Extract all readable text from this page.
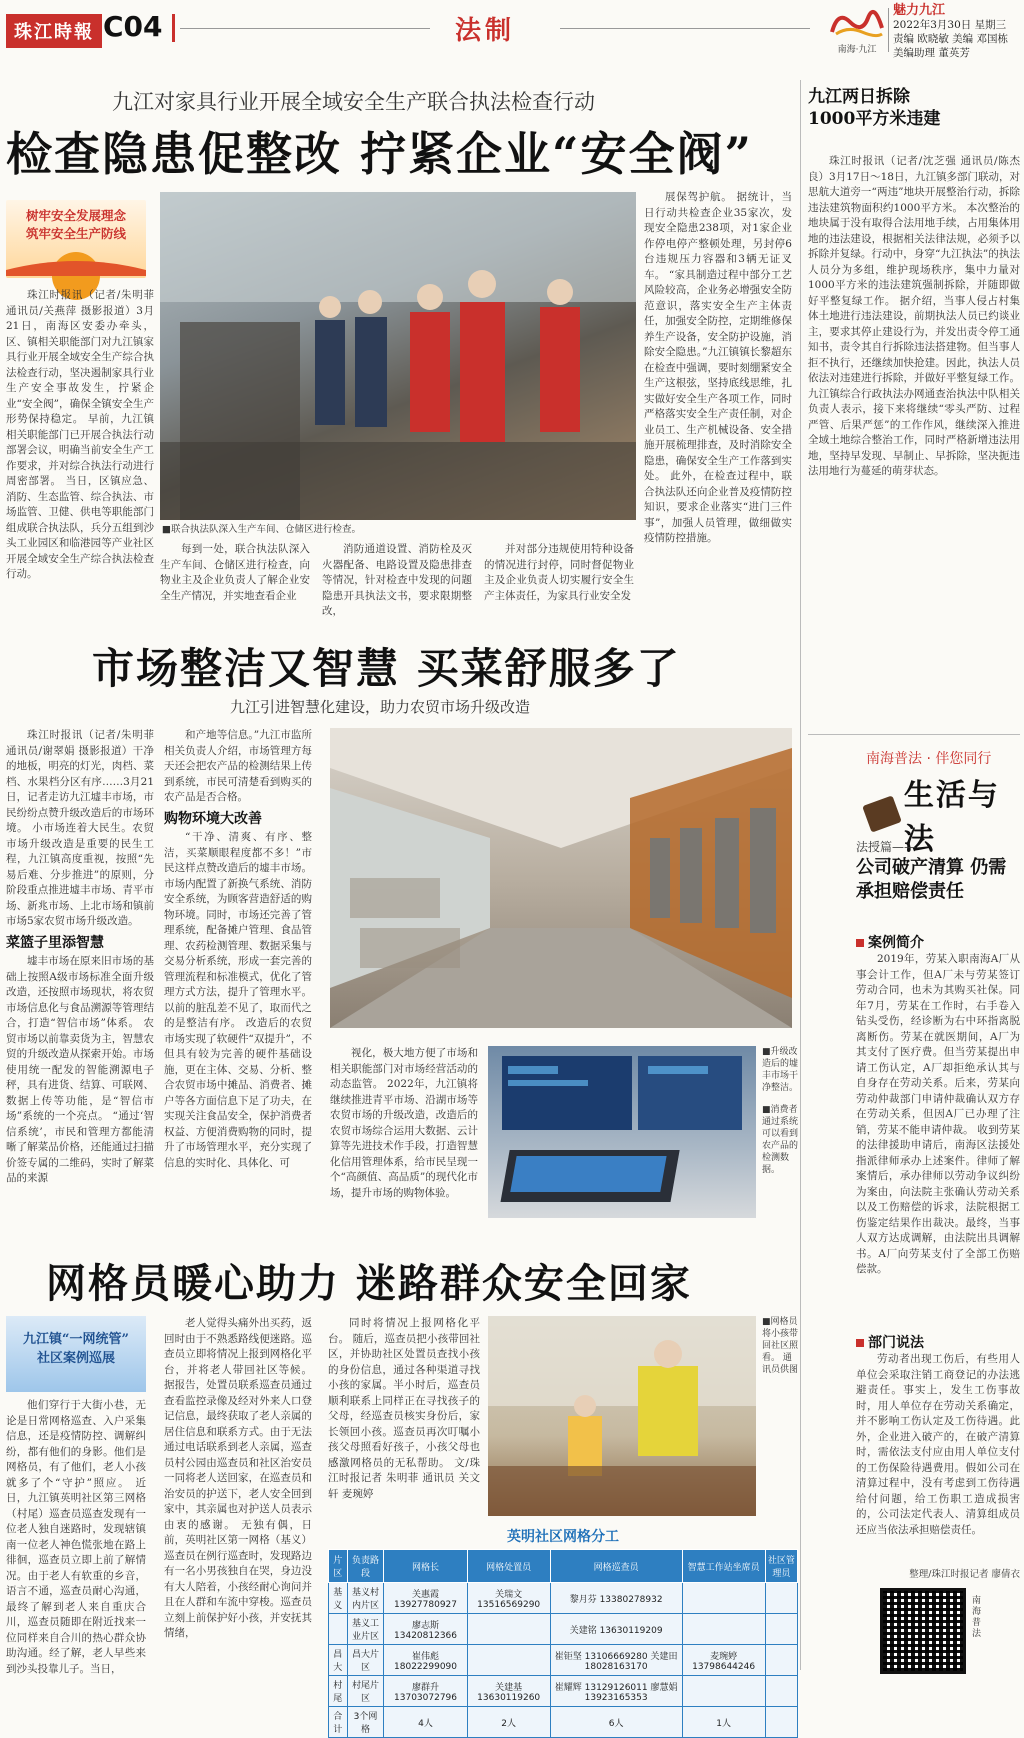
珠江時報 C04	法制
南海·九江
魅力九江
2022年3月30日 星期三
责编 欧晓敏 美编 邓国栋
美编助理 董英芳
九江对家具行业开展全域安全生产联合执法检查行动
检查隐患促整改 拧紧企业“安全阀”
树牢安全发展理念
筑牢安全生产防线

珠江时报讯（记者/朱明菲 通讯员/关燕萍 摄影报道）3月21日，南海区安委办牵头，区、镇相关职能部门对九江镇家具行业开展全域安全生产综合执法检查行动，坚决遏制家具行业生产安全事故发生，拧紧企业“安全阀”，确保全镇安全生产形势保持稳定。 早前，九江镇相关职能部门已开展合执法行动部署会议，明确当前安全生产工作要求，并对综合执法行动进行周密部署。 当日，区镇应急、消防、生态监管、综合执法、市场监管、卫健、供电等职能部门组成联合执法队，兵分五组到沙头工业园区和临港园等产业社区开展全域安全生产综合执法检查行动。

■联合执法队深入生产车间、仓储区进行检查。

每到一处，联合执法队深入生产车间、仓储区进行检查，向物业主及企业负责人了解企业安全生产情况，并实地查看企业

消防通道设置、消防栓及灭火器配备、电路设置及隐患排查等情况，针对检查中发现的问题隐患开具执法文书，要求限期整改，

并对部分违规使用特种设备的情况进行封停，同时督促物业主及企业负责人切实履行安全生产主体责任，为家具行业安全发

展保驾护航。 据统计，当日行动共检查企业35家次，发现安全隐患238项，对1家企业作停电停产整顿处理，另封停6台违规压力容器和3辆无证叉车。 “家具制造过程中部分工艺风险较高，企业务必增强安全防范意识，落实安全生产主体责任，加强安全防控，定期维修保养生产设备，安全防护设施，消除安全隐患。”九江镇镇长黎超东在检查中强调，要时刻绷紧安全生产这根弦，坚持底线思维，扎实做好安全生产各项工作，同时严格落实安全生产责任制，对企业员工、生产机械设备、安全措施开展梳理排查，及时消除安全隐患，确保安全生产工作落到实处。 此外，在检查过程中，联合执法队还向企业普及疫情防控知识，要求企业落实“进门三件事”，加强人员管理，做细做实疫情防控措施。

市场整洁又智慧 买菜舒服多了
九江引进智慧化建设，助力农贸市场升级改造

珠江时报讯（记者/朱明菲 通讯员/谢翠娟 摄影报道）干净的地板，明亮的灯光，肉档、菜档、水果档分区有序……3月21日，记者走访九江墟丰市场，市民纷纷点赞升级改造后的市场环境。 小市场连着大民生。农贸市场升级改造是重要的民生工程，九江镇高度重视，按照“先易后难、分步推进”的原则，分阶段重点推进墟丰市场、青平市场、新兆市场、上北市场和镇前市场5家农贸市场升级改造。

菜篮子里添智慧

墟丰市场在原来旧市场的基础上按照A级市场标准全面升级改造，还按照市场现状，将农贸市场信息化与食品溯源等管理结合，打造“智信市场”体系。 农贸市场以前靠卖货为主，智慧农贸的升级改造从探索开始。市场使用统一配发的智能溯源电子秤，具有进货、结算、可联网、数据上传等功能，是“智信市场”系统的一个亮点。 “通过‘智信系统’，市民和管理方都能清晰了解菜品价格，还能通过扫描价签专属的二维码，实时了解菜品的来源

和产地等信息。”九江市监所相关负责人介绍，市场管理方每天还会把农产品的检测结果上传到系统，市民可清楚看到购买的农产品是否合格。

购物环境大改善

“干净、清爽、有序、整洁，买菜顺眼程度都不多！”市民这样点赞改造后的墟丰市场。市场内配置了新换气系统、消防安全系统，为顾客营造舒适的购物环境。同时，市场还完善了管理系统，配备摊户管理、食品管理、农药检测管理、数据采集与交易分析系统，形成一套完善的管理流程和标准模式，优化了管理方式方法，提升了管理水平。以前的脏乱差不见了，取而代之的是整洁有序。 改造后的农贸市场实现了软硬件“双提升”，不但具有较为完善的硬件基础设施，更在主体、交易、分析、整合农贸市场中摊品、消费者、摊户等各方面信息下足了功夫，在实现关注食品安全，保护消费者权益、方便消费购物的同时，提升了市场管理水平，充分实现了信息的实时化、具体化、可

视化，极大地方便了市场和相关职能部门对市场经营活动的动态监管。 2022年，九江镇将继续推进青平市场、沿湖市场等农贸市场的升级改造，改造后的农贸市场综合运用大数据、云计算等先进技术作手段，打造智慧化信用管理体系，给市民呈现一个“高颜值、高品质”的现代化市场，提升市场的购物体验。

■升级改造后的墟丰市场干净整洁。
■消费者通过系统可以看到农产品的检测数据。
网格员暖心助力 迷路群众安全回家
九江镇“一网统管”
社区案例巡展

他们穿行于大街小巷，无论是日常网格巡查、入户采集信息，还是疫情防控、调解纠纷，都有他们的身影。他们是网格员，有了他们，老人小孩就多了个“守护”照应。 近日，九江镇英明社区第三网格（村尾）巡查员巡查发现有一位老人独自迷路时，发现辖镇南一位老人神色慌张地在路上徘徊，巡查员立即上前了解情况。由于老人有软重的乡音，语言不通，巡查员耐心沟通，最终了解到老人来自重庆合川，巡查员随即在附近找来一位同样来自合川的热心群众协助沟通。经了解，老人早些来到沙头投靠儿子。当日，

老人觉得头痛外出买药，返回时由于不熟悉路线便迷路。巡查员立即将情况上报到网格化平台，并将老人带回社区等候。 据报告，处置员联系巡查员通过查看监控录像及经对外来人口登记信息，最终获取了老人亲属的居住信息和联系方式。由于无法通过电话联系到老人亲属，巡查员村公园由巡查员和社区治安员一同将老人送回家，在巡查员和治安员的护送下，老人安全回到家中，其亲属也对护送人员表示由衷的感谢。 无独有偶，日前，英明社区第一网格（基义）巡查员在例行巡查时，发现路边有一名小男孩独自在哭，身边没有大人陪着，小孩经耐心询问并且在人群和车流中穿梭。巡查员立刻上前保护好小孩，并安抚其情绪，

同时将情况上报网格化平台。 随后，巡查员把小孩带回社区，并协助社区处置员查找小孩的身份信息，通过各种渠道寻找小孩的家属。半小时后，巡查员顺利联系上同样正在寻找孩子的父母，经巡查员核实身份后，家长领回小孩。巡查员再次叮嘱小孩父母照看好孩子，小孩父母也感激网格员的无私帮助。 文/珠江时报记者 朱明菲 通讯员 关文轩 麦琬婷

■网格员将小孩带回社区照看。 通讯员供图
英明社区网格分工
片区	负责路段	网格长	网格处置员	网格巡查员	智慧工作站坐席员	社区管理员
基义	基义村内片区	关惠霞 13927780927	关瑞文 13516569290	黎月芬 13380278932		
	基义工业片区	廖志斯 13420812366		关建铭 13630119209		
昌大	昌大片区	崔伟彪 18022299090		崔钜坚 13106669280 关建田 18028163170	麦琬婷 13798644246	
村尾	村尾片区	廖群升 13703072796	关建基 13630119260	崔耀辉 13129126011 廖慧娟 13923165353		
合计	3个网格	4人	2人	6人	1人	
九江两日拆除 1000平方米违建

珠江时报讯（记者/沈芝强 通讯员/陈杰良）3月17日～18日，九江镇多部门联动，对思航大道旁一“两违”地块开展整治行动，拆除违法建筑物面积约1000平方米。 本次整治的地块属于没有取得合法用地手续，占用集体用地的违法建设，根据相关法律法规，必须予以拆除并复绿。行动中，身穿“九江执法”的执法人员分为多组，维护现场秩序，集中力量对1000平方米的违法建筑强制拆除，并随即做好平整复绿工作。 据介绍，当事人侵占村集体土地进行违法建设，前期执法人员已约谈业主，要求其停止建设行为，并发出责令停工通知书，责令其自行拆除违法搭建物。但当事人拒不执行，还继续加快抢建。因此，执法人员依法对违建进行拆除，并做好平整复绿工作。 九江镇综合行政执法办网通查治执法中队相关负责人表示，接下来将继续“零头严防、过程严管、后果严惩”的工作作风，继续深入推进全域土地综合整治工作，同时严格新增违法用地，坚持早发现、早制止、早拆除，坚决扼违法用地行为蔓延的萌芽状态。

南海普法 · 伴您同行
生活与法
法授篇——
公司破产清算 仍需承担赔偿责任
案例简介

2019年，劳某入职南海A厂从事会计工作，但A厂未与劳某签订劳动合同，也未为其购买社保。同年7月，劳某在工作时，右手卷入钻头受伤，经诊断为右中环指离脱离断伤。劳某在就医期间，A厂为其支付了医疗费。但当劳某提出申请工伤认定，A厂却拒绝承认其与自身存在劳动关系。后来，劳某向劳动仲裁部门申请仲裁确认双方存在劳动关系，但因A厂已办理了注销，劳某不能申请仲裁。 收到劳某的法律援助申请后，南海区法援处指派律师承办上述案件。律师了解案情后，承办律师以劳动争议纠纷为案由，向法院主张确认劳动关系以及工伤赔偿的诉求，法院根据工伤鉴定结果作出裁决。最终，当事人双方达成调解，由法院出具调解书。A厂向劳某支付了全部工伤赔偿款。

部门说法

劳动者出现工伤后，有些用人单位会采取注销工商登记的办法逃避责任。事实上，发生工伤事故时，用人单位存在劳动关系确定，并不影响工伤认定及工伤待遇。此外，企业进入破产的，在破产清算时，需依法支付应由用人单位支付的工伤保险待遇费用。假如公司在清算过程中，没有考虑到工伤待遇给付问题，给工伤职工造成损害的，公司法定代表人、清算组成员还应当依法承担赔偿责任。

整理/珠江时报记者 廖倩衣
南海普法
